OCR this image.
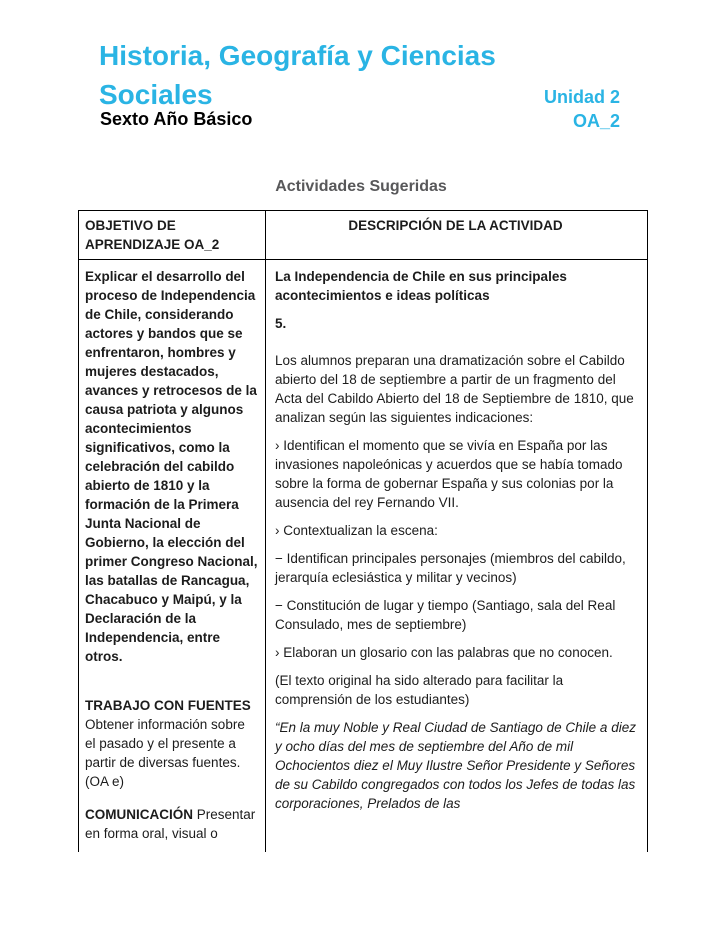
Historia, Geografía y Ciencias Sociales
Sexto Año Básico
Unidad 2
OA_2
Actividades Sugeridas
OBJETIVO DE APRENDIZAJE OA_2
DESCRIPCIÓN DE LA ACTIVIDAD

Explicar el desarrollo del proceso de Independencia de Chile, considerando actores y bandos que se enfrentaron, hombres y mujeres destacados, avances y retrocesos de la causa patriota y algunos acontecimientos significativos, como la celebración del cabildo abierto de 1810 y la formación de la Primera Junta Nacional de Gobierno, la elección del primer Congreso Nacional, las batallas de Rancagua, Chacabuco y Maipú, y la Declaración de la Independencia, entre otros.

TRABAJO CON FUENTES

Obtener información sobre el pasado y el presente a partir de diversas fuentes. (OA e)

COMUNICACIÓN Presentar en forma oral, visual o

La Independencia de Chile en sus principales acontecimientos e ideas políticas

5.

Los alumnos preparan una dramatización sobre el Cabildo abierto del 18 de septiembre a partir de un fragmento del Acta del Cabildo Abierto del 18 de Septiembre de 1810, que analizan según las siguientes indicaciones:

› Identifican el momento que se vivía en España por las invasiones napoleónicas y acuerdos que se había tomado sobre la forma de gobernar España y sus colonias por la ausencia del rey Fernando VII.

› Contextualizan la escena:

− Identifican principales personajes (miembros del cabildo, jerarquía eclesiástica y militar y vecinos)

− Constitución de lugar y tiempo (Santiago, sala del Real Consulado, mes de septiembre)

› Elaboran un glosario con las palabras que no conocen.

(El texto original ha sido alterado para facilitar la comprensión de los estudiantes)

“En la muy Noble y Real Ciudad de Santiago de Chile a diez y ocho días del mes de septiembre del Año de mil Ochocientos diez el Muy Ilustre Señor Presidente y Señores de su Cabildo congregados con todos los Jefes de todas las corporaciones, Prelados de las
